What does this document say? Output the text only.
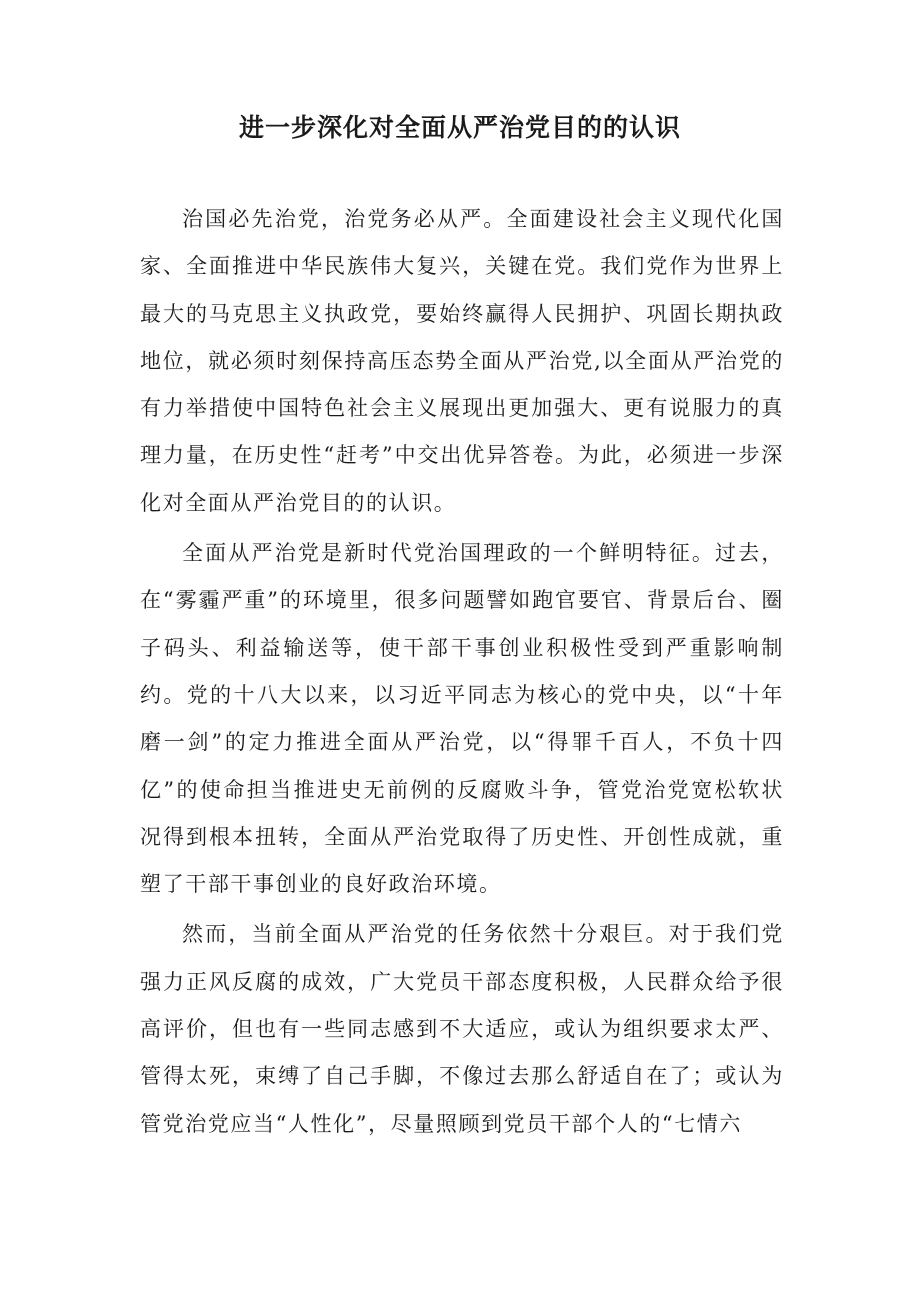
进一步深化对全面从严治党目的的认识

治国必先治党，治党务必从严。全面建设社会主义现代化国家、全面推进中华民族伟大复兴，关键在党。我们党作为世界上最大的马克思主义执政党，要始终赢得人民拥护、巩固长期执政地位，就必须时刻保持高压态势全面从严治党,以全面从严治党的有力举措使中国特色社会主义展现出更加强大、更有说服力的真理力量，在历史性“赶考”中交出优异答卷。为此，必须进一步深化对全面从严治党目的的认识。

全面从严治党是新时代党治国理政的一个鲜明特征。过去，在“雾霾严重”的环境里，很多问题譬如跑官要官、背景后台、圈子码头、利益输送等，使干部干事创业积极性受到严重影响制约。党的十八大以来，以习近平同志为核心的党中央，以“十年磨一剑”的定力推进全面从严治党，以“得罪千百人，不负十四亿”的使命担当推进史无前例的反腐败斗争，管党治党宽松软状况得到根本扭转，全面从严治党取得了历史性、开创性成就，重塑了干部干事创业的良好政治环境。

然而，当前全面从严治党的任务依然十分艰巨。对于我们党强力正风反腐的成效，广大党员干部态度积极，人民群众给予很高评价，但也有一些同志感到不大适应，或认为组织要求太严、管得太死，束缚了自己手脚，不像过去那么舒适自在了；或认为管党治党应当“人性化”，尽量照顾到党员干部个人的“七情六
